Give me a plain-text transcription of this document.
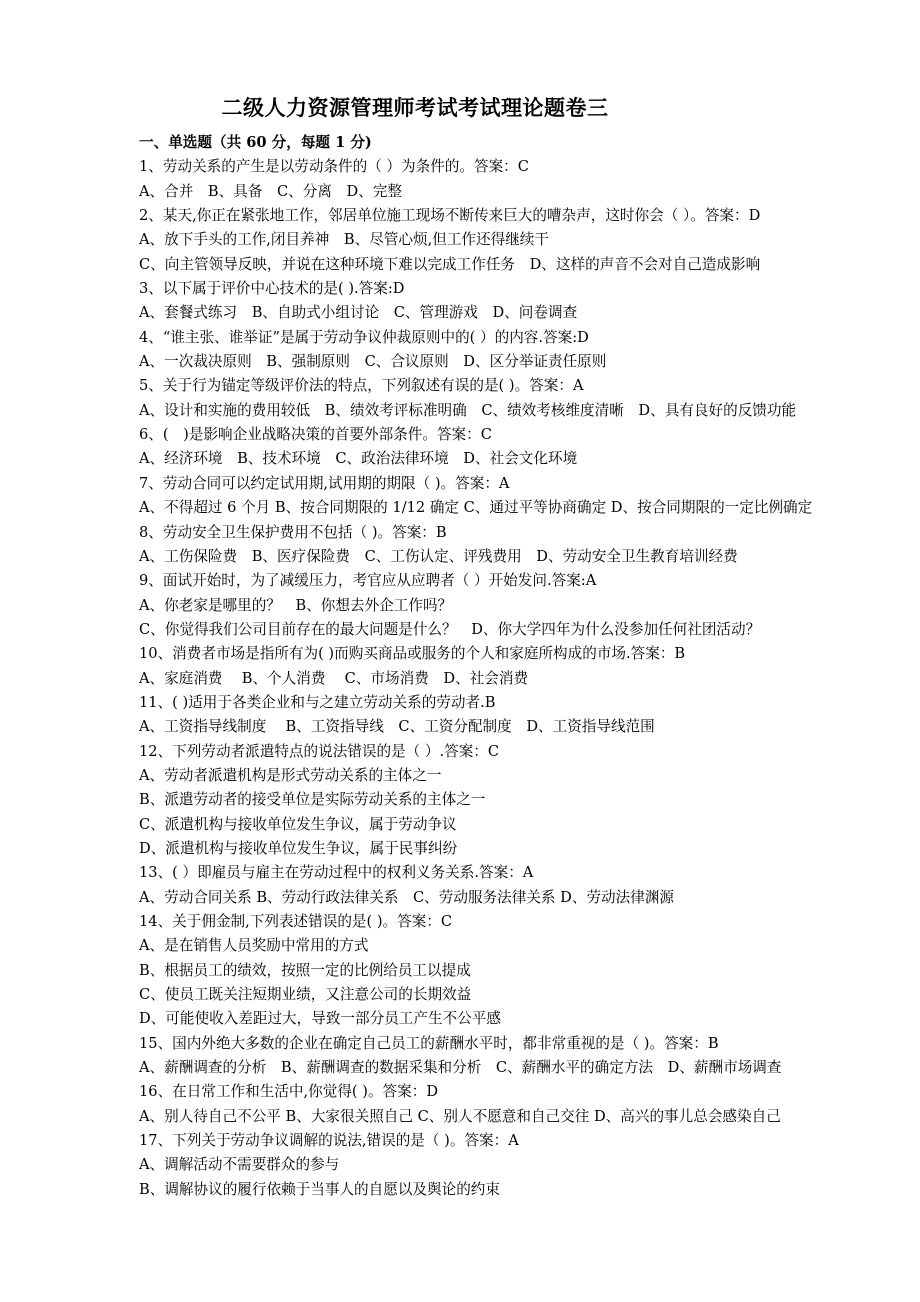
二级人力资源管理师考试考试理论题卷三
一、单选题（共 60 分，每题 1 分)
1、劳动关系的产生是以劳动条件的（ ）为条件的。答案：C
A、合并　B、具备　C、分离　D、完整
2、某天,你正在紧张地工作，邻居单位施工现场不断传来巨大的嘈杂声，这时你会（ ）。答案：D
A、放下手头的工作,闭目养神　B、尽管心烦,但工作还得继续干
C、向主管领导反映，并说在这种环境下难以完成工作任务　D、这样的声音不会对自己造成影响
3、以下属于评价中心技术的是( ).答案:D
A、套餐式练习　B、自助式小组讨论　C、管理游戏　D、问卷调查
4、“谁主张、谁举证”是属于劳动争议仲裁原则中的( ）的内容.答案:D
A、一次裁决原则　B、强制原则　C、合议原则　D、区分举证责任原则
5、关于行为锚定等级评价法的特点，下列叙述有误的是( )。答案：A
A、设计和实施的费用较低　B、绩效考评标准明确　C、绩效考核维度清晰　D、具有良好的反馈功能
6、(　)是影响企业战略决策的首要外部条件。答案：C
A、经济环境　B、技术环境　C、政治法律环境　D、社会文化环境
7、劳动合同可以约定试用期,试用期的期限（ )。答案：A
A、不得超过 6 个月 B、按合同期限的 1/12 确定 C、通过平等协商确定 D、按合同期限的一定比例确定
8、劳动安全卫生保护费用不包括（ )。答案：B
A、工伤保险费　B、医疗保险费　C、工伤认定、评残费用　D、劳动安全卫生教育培训经费
9、面试开始时，为了减缓压力，考官应从应聘者（ ）开始发问.答案:A
A、你老家是哪里的？　B、你想去外企工作吗？
C、你觉得我们公司目前存在的最大问题是什么？　D、你大学四年为什么没参加任何社团活动？
10、消费者市场是指所有为( )而购买商品或服务的个人和家庭所构成的市场.答案：B
A、家庭消费　 B、个人消费　 C、市场消费　D、社会消费
11、( )适用于各类企业和与之建立劳动关系的劳动者.B
A、工资指导线制度　 B、工资指导线　C、工资分配制度　D、工资指导线范围
12、下列劳动者派遣特点的说法错误的是（ ）.答案：C
A、劳动者派遣机构是形式劳动关系的主体之一
B、派遣劳动者的接受单位是实际劳动关系的主体之一
C、派遣机构与接收单位发生争议，属于劳动争议
D、派遣机构与接收单位发生争议，属于民事纠纷
13、( ）即雇员与雇主在劳动过程中的权利义务关系.答案：A
A、劳动合同关系 B、劳动行政法律关系　C、劳动服务法律关系 D、劳动法律渊源
14、关于佣金制,下列表述错误的是( )。答案：C
A、是在销售人员奖励中常用的方式
B、根据员工的绩效，按照一定的比例给员工以提成
C、使员工既关注短期业绩，又注意公司的长期效益
D、可能使收入差距过大，导致一部分员工产生不公平感
15、国内外绝大多数的企业在确定自己员工的薪酬水平时，都非常重视的是（ )。答案：B
A、薪酬调查的分析　B、薪酬调查的数据采集和分析　C、薪酬水平的确定方法　D、薪酬市场调查
16、在日常工作和生活中,你觉得( )。答案：D
A、别人待自己不公平 B、大家很关照自己 C、别人不愿意和自己交往 D、高兴的事儿总会感染自己
17、下列关于劳动争议调解的说法,错误的是（ )。答案：A
A、调解活动不需要群众的参与
B、调解协议的履行依赖于当事人的自愿以及舆论的约束
